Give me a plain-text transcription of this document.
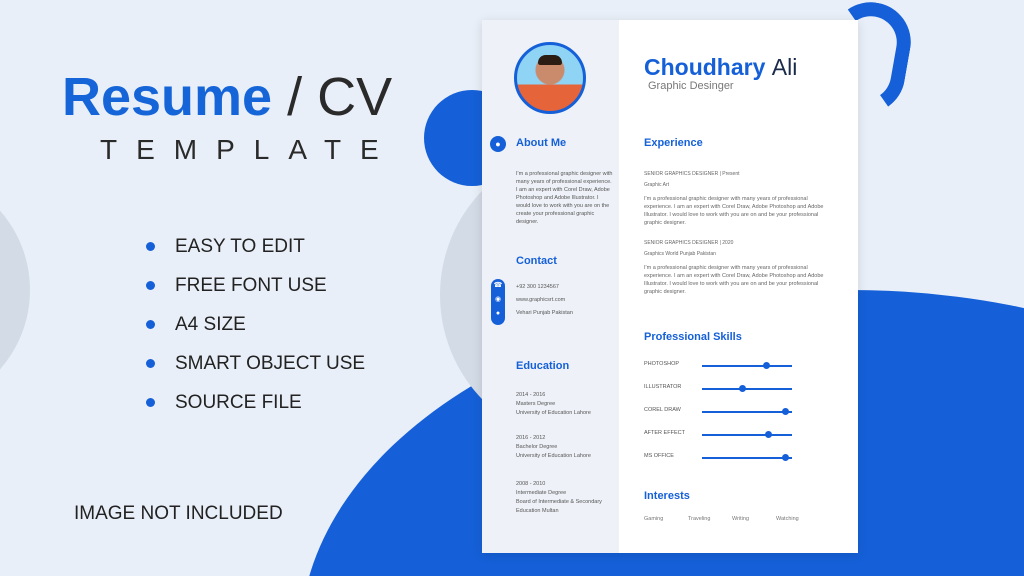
Resume / CV
TEMPLATE
EASY TO EDIT
FREE FONT USE
A4 SIZE
SMART OBJECT USE
SOURCE FILE
IMAGE NOT INCLUDED
●	About Me
I'm a professional graphic designer with many years of professional experience. I am an expert with Corel Draw, Adobe Photoshop and Adobe Illustrator. I would love to work with you are on the create your professional graphic designer.
Contact
☎
◉
●
+92 300 1234567
www.graphicsrt.com
Vehari Punjab Pakistan
Education
2014 - 2016
Masters Degree
University of Education Lahore
2016 - 2012
Bachelor Degree
University of Education Lahore
2008 - 2010
Intermediate Degree
Board of Intermediate & Secondary Education Multan
Choudhary Ali
Graphic Desinger
Experience
SENIOR GRAPHICS DESIGNER | Present
Graphic Art
I'm a professional graphic designer with many years of professional experience. I am an expert with Corel Draw, Adobe Photoshop and Adobe Illustrator. I would love to work with you are on and be your professional graphic designer.
SENIOR GRAPHICS DESIGNER | 2020
Graphics World Punjab Pakistan
I'm a professional graphic designer with many years of professional experience. I am an expert with Corel Draw, Adobe Photoshop and Adobe Illustrator. I would love to work with you are on and be your professional graphic designer.
Professional Skills
PHOTOSHOP
ILLUSTRATOR
COREL DRAW
AFTER EFFECT
MS OFFICE
Interests
Gaming	Traveling	Writing	Watching
